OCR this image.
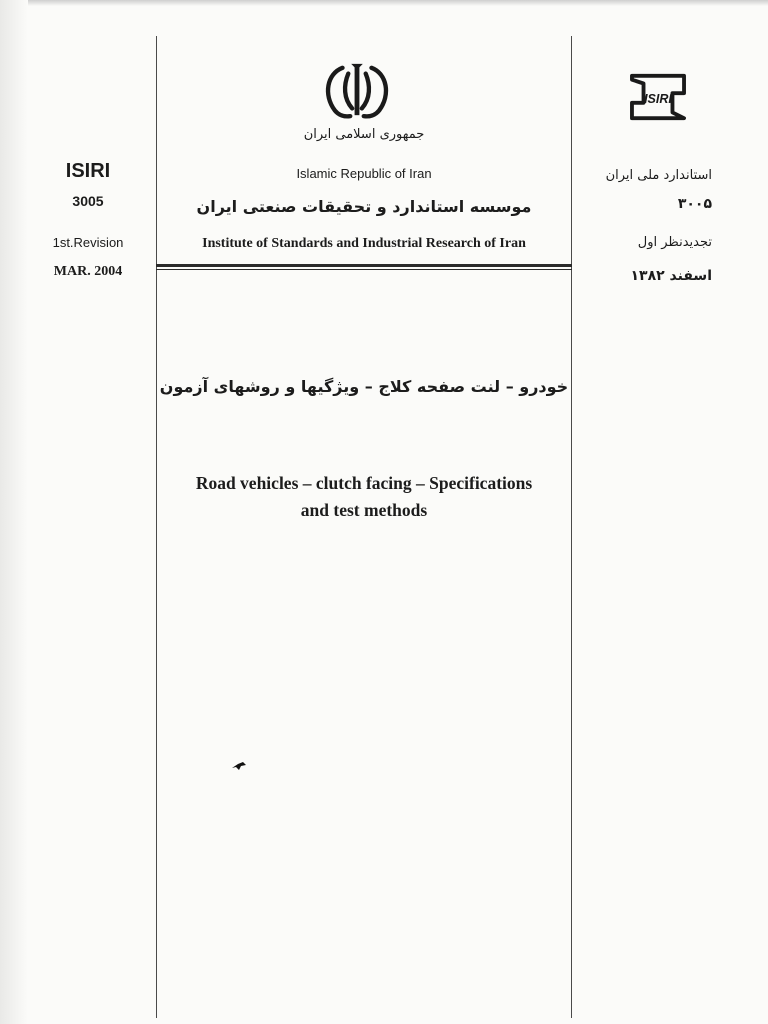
ISIRI
جمهوری اسلامی ایران
Islamic Republic of Iran
موسسه استاندارد و تحقیقات صنعتی ایران
Institute of Standards and Industrial Research of Iran
ISIRI
3005
1st.Revision
MAR. 2004
استاندارد ملی ایران
۳۰۰۵
تجدیدنظر اول
اسفند ۱۳۸۲
خودرو – لنت صفحه کلاج – ویژگیها و روشهای آزمون
Road vehicles – clutch facing – Specifications
and test methods
